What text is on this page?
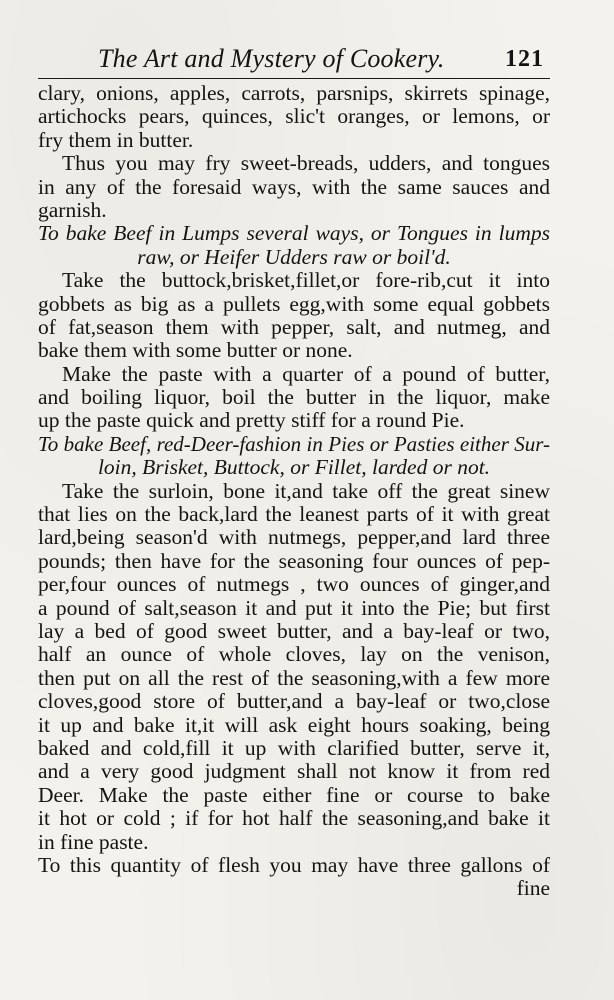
The Art and Mystery of Cookery.	121
clary, onions, apples, carrots, parsnips, skirrets spinage,
artichocks pears, quinces, slic't oranges, or lemons, or
fry them in butter.
Thus you may fry sweet-breads, udders, and tongues
in any of the foresaid ways, with the same sauces and
garnish.
To bake Beef in Lumps several ways, or Tongues in lumps
raw, or Heifer Udders raw or boil'd.
Take the buttock,brisket,fillet,or fore-rib,cut it into
gobbets as big as a pullets egg,with some equal gobbets
of fat,season them with pepper, salt, and nutmeg, and
bake them with some butter or none.
Make the paste with a quarter of a pound of butter,
and boiling liquor, boil the butter in the liquor, make
up the paste quick and pretty stiff for a round Pie.
To bake Beef, red-Deer-fashion in Pies or Pasties either Sur-
loin, Brisket, Buttock, or Fillet, larded or not.
Take the surloin, bone it,and take off the great sinew
that lies on the back,lard the leanest parts of it with great
lard,being season'd with nutmegs, pepper,and lard three
pounds; then have for the seasoning four ounces of pep-
per,four ounces of nutmegs , two ounces of ginger,and
a pound of salt,season it and put it into the Pie; but first
lay a bed of good sweet butter, and a bay-leaf or two,
half an ounce of whole cloves, lay on the venison,
then put on all the rest of the seasoning,with a few more
cloves,good store of butter,and a bay-leaf or two,close
it up and bake it,it will ask eight hours soaking, being
baked and cold,fill it up with clarified butter, serve it,
and a very good judgment shall not know it from red
Deer. Make the paste either fine or course to bake
it hot or cold ; if for hot half the seasoning,and bake it
in fine paste.
To this quantity of flesh you may have three gallons of
fine
